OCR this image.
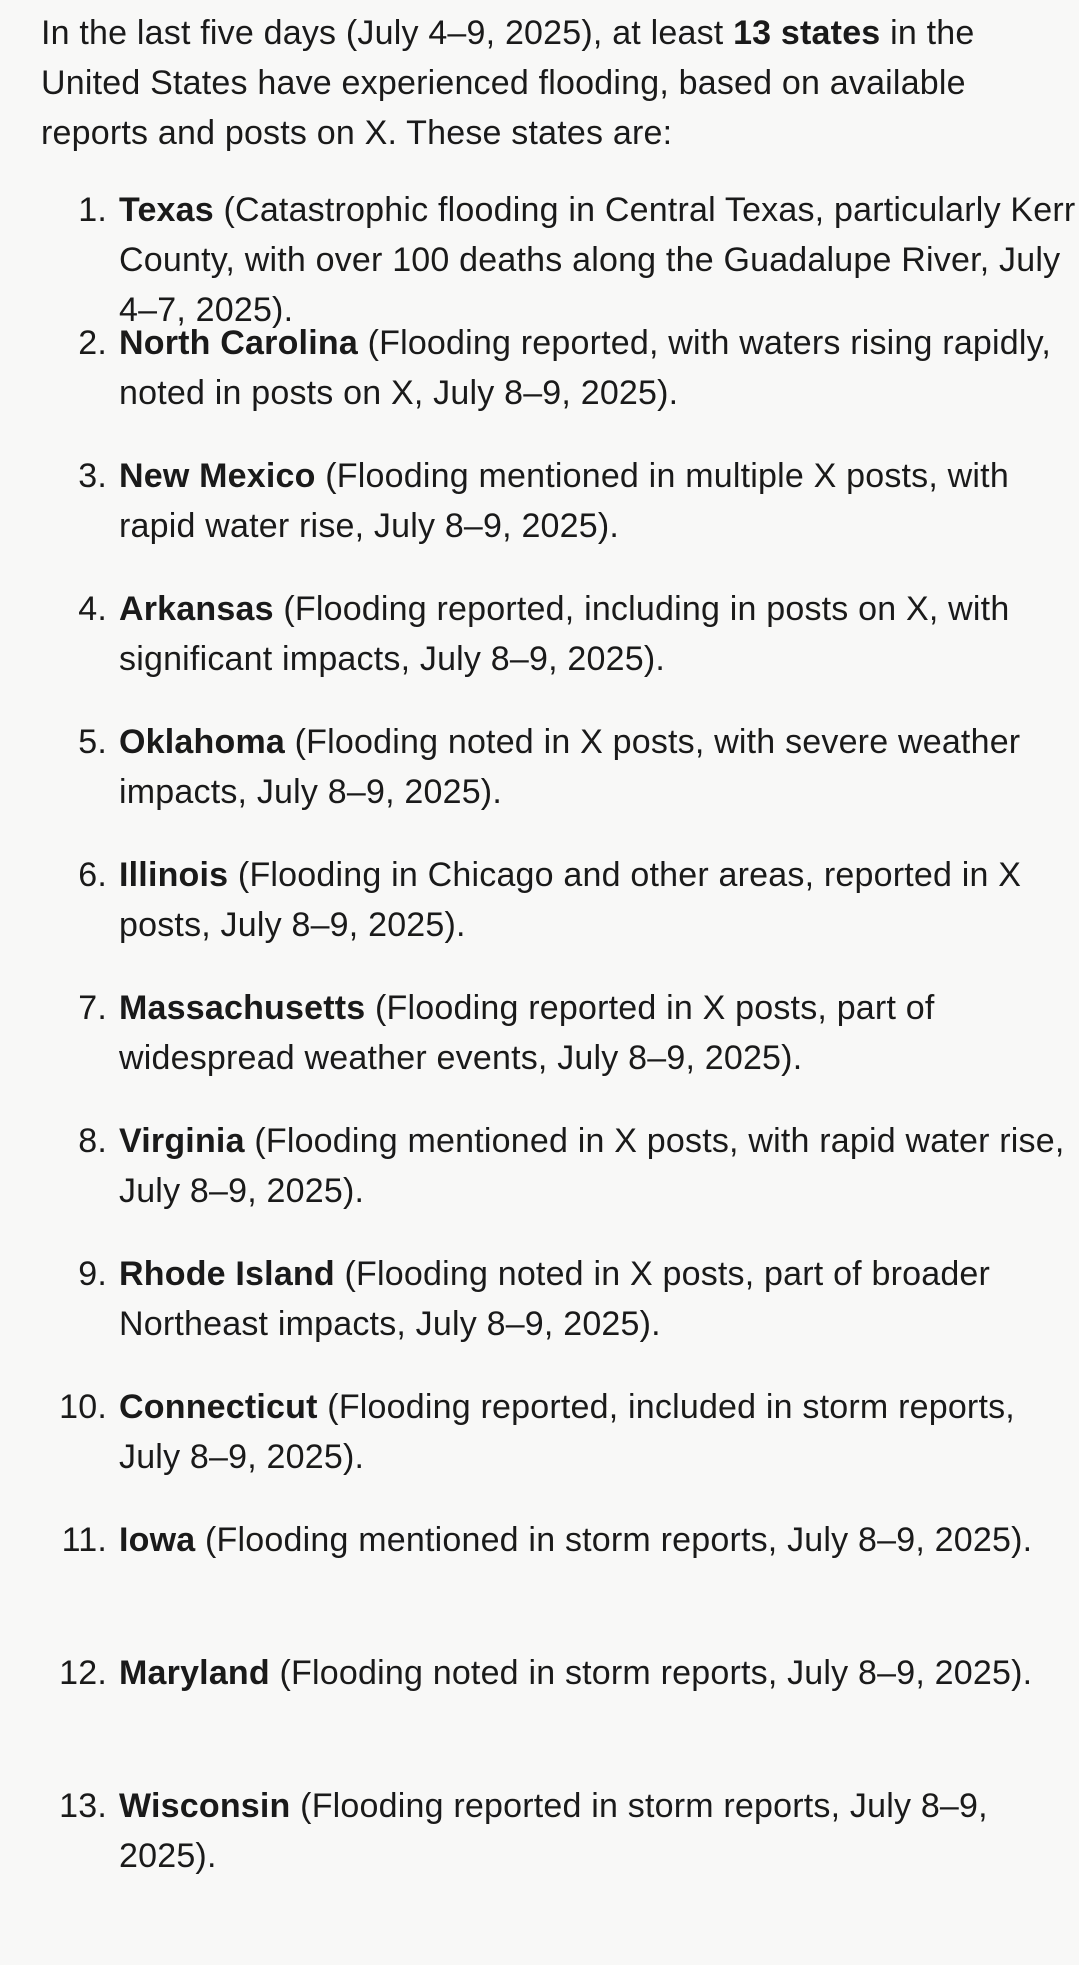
In the last five days (July 4–9, 2025), at least 13 states in the United States have experienced flooding, based on available reports and posts on X. These states are:

1. Texas (Catastrophic flooding in Central Texas, particularly Kerr County, with over 100 deaths along the Guadalupe River, July 4–7, 2025).
2. North Carolina (Flooding reported, with waters rising rapidly, noted in posts on X, July 8–9, 2025).
3. New Mexico (Flooding mentioned in multiple X posts, with rapid water rise, July 8–9, 2025).
4. Arkansas (Flooding reported, including in posts on X, with significant impacts, July 8–9, 2025).
5. Oklahoma (Flooding noted in X posts, with severe weather impacts, July 8–9, 2025).
6. Illinois (Flooding in Chicago and other areas, reported in X posts, July 8–9, 2025).
7. Massachusetts (Flooding reported in X posts, part of widespread weather events, July 8–9, 2025).
8. Virginia (Flooding mentioned in X posts, with rapid water rise, July 8–9, 2025).
9. Rhode Island (Flooding noted in X posts, part of broader Northeast impacts, July 8–9, 2025).
10. Connecticut (Flooding reported, included in storm reports, July 8–9, 2025).
11. Iowa (Flooding mentioned in storm reports, July 8–9, 2025).
12. Maryland (Flooding noted in storm reports, July 8–9, 2025).
13. Wisconsin (Flooding reported in storm reports, July 8–9, 2025).
